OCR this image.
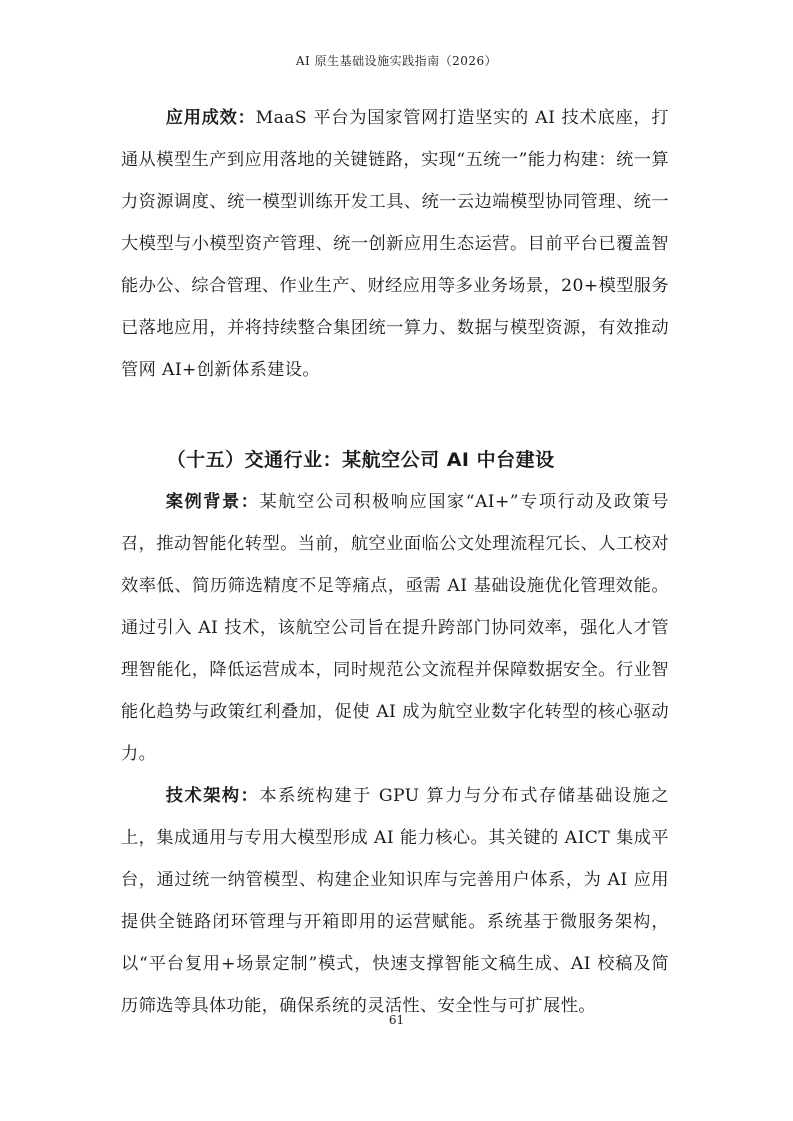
AI 原生基础设施实践指南（2026）

应用成效：MaaS 平台为国家管网打造坚实的 AI 技术底座，打通从模型生产到应用落地的关键链路，实现“五统一”能力构建：统一算力资源调度、统一模型训练开发工具、统一云边端模型协同管理、统一大模型与小模型资产管理、统一创新应用生态运营。目前平台已覆盖智能办公、综合管理、作业生产、财经应用等多业务场景，20+模型服务已落地应用，并将持续整合集团统一算力、数据与模型资源，有效推动管网 AI+创新体系建设。

（十五）交通行业：某航空公司 AI 中台建设

案例背景：某航空公司积极响应国家“AI+”专项行动及政策号召，推动智能化转型。当前，航空业面临公文处理流程冗长、人工校对效率低、简历筛选精度不足等痛点，亟需 AI 基础设施优化管理效能。通过引入 AI 技术，该航空公司旨在提升跨部门协同效率，强化人才管理智能化，降低运营成本，同时规范公文流程并保障数据安全。行业智能化趋势与政策红利叠加，促使 AI 成为航空业数字化转型的核心驱动力。

技术架构：本系统构建于 GPU 算力与分布式存储基础设施之上，集成通用与专用大模型形成 AI 能力核心。其关键的 AICT 集成平台，通过统一纳管模型、构建企业知识库与完善用户体系，为 AI 应用提供全链路闭环管理与开箱即用的运营赋能。系统基于微服务架构，以“平台复用+场景定制”模式，快速支撑智能文稿生成、AI 校稿及简历筛选等具体功能，确保系统的灵活性、安全性与可扩展性。

61
